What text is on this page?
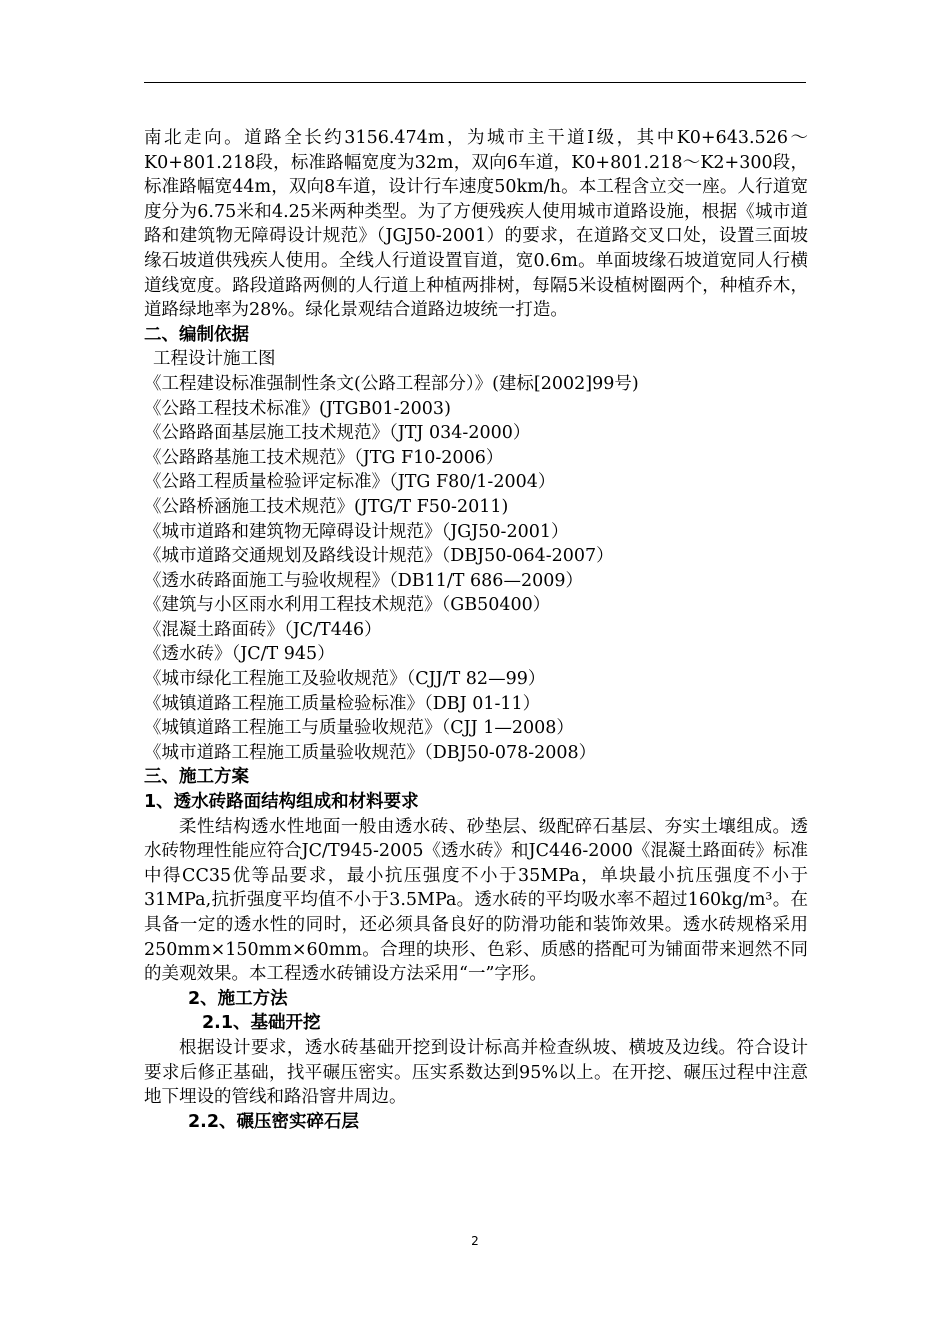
南北走向。道路全长约3156.474m，为城市主干道Ⅰ级，其中K0+643.526～K0+801.218段，标准路幅宽度为32m，双向6车道，K0+801.218～K2+300段，标准路幅宽44m，双向8车道，设计行车速度50km/h。本工程含立交一座。人行道宽度分为6.75米和4.25米两种类型。为了方便残疾人使用城市道路设施，根据《城市道路和建筑物无障碍设计规范》（JGJ50-2001）的要求，在道路交叉口处，设置三面坡缘石坡道供残疾人使用。全线人行道设置盲道，宽0.6m。单面坡缘石坡道宽同人行横道线宽度。路段道路两侧的人行道上种植两排树，每隔5米设植树圈两个，种植乔木，道路绿地率为28%。绿化景观结合道路边坡统一打造。

二、编制依据

工程设计施工图

《工程建设标准强制性条文(公路工程部分）》(建标[2002]99号)

《公路工程技术标准》(JTGB01-2003)

《公路路面基层施工技术规范》（JTJ 034-2000）

《公路路基施工技术规范》（JTG F10-2006）

《公路工程质量检验评定标准》（JTG F80/1-2004）

《公路桥涵施工技术规范》(JTG/T F50-2011)

《城市道路和建筑物无障碍设计规范》（JGJ50-2001）

《城市道路交通规划及路线设计规范》（DBJ50-064-2007）

《透水砖路面施工与验收规程》（DB11/T 686—2009）

《建筑与小区雨水利用工程技术规范》（GB50400）

《混凝土路面砖》（JC/T446）

《透水砖》（JC/T 945）

《城市绿化工程施工及验收规范》（CJJ/T 82—99）

《城镇道路工程施工质量检验标准》（DBJ 01-11）

《城镇道路工程施工与质量验收规范》（CJJ 1—2008）

《城市道路工程施工质量验收规范》（DBJ50-078-2008）

三、施工方案

1、透水砖路面结构组成和材料要求

柔性结构透水性地面一般由透水砖、砂垫层、级配碎石基层、夯实土壤组成。透水砖物理性能应符合JC/T945-2005《透水砖》和JC446-2000《混凝土路面砖》标准中得CC35优等品要求，最小抗压强度不小于35MPa，单块最小抗压强度不小于31MPa,抗折强度平均值不小于3.5MPa。透水砖的平均吸水率不超过160kg/m³。在具备一定的透水性的同时，还必须具备良好的防滑功能和装饰效果。透水砖规格采用250mm×150mm×60mm。合理的块形、色彩、质感的搭配可为铺面带来迥然不同的美观效果。本工程透水砖铺设方法采用“一”字形。

2、施工方法

2.1、基础开挖

根据设计要求，透水砖基础开挖到设计标高并检查纵坡、横坡及边线。符合设计要求后修正基础，找平碾压密实。压实系数达到95%以上。在开挖、碾压过程中注意地下埋设的管线和路沿窨井周边。

2.2、碾压密实碎石层

2
